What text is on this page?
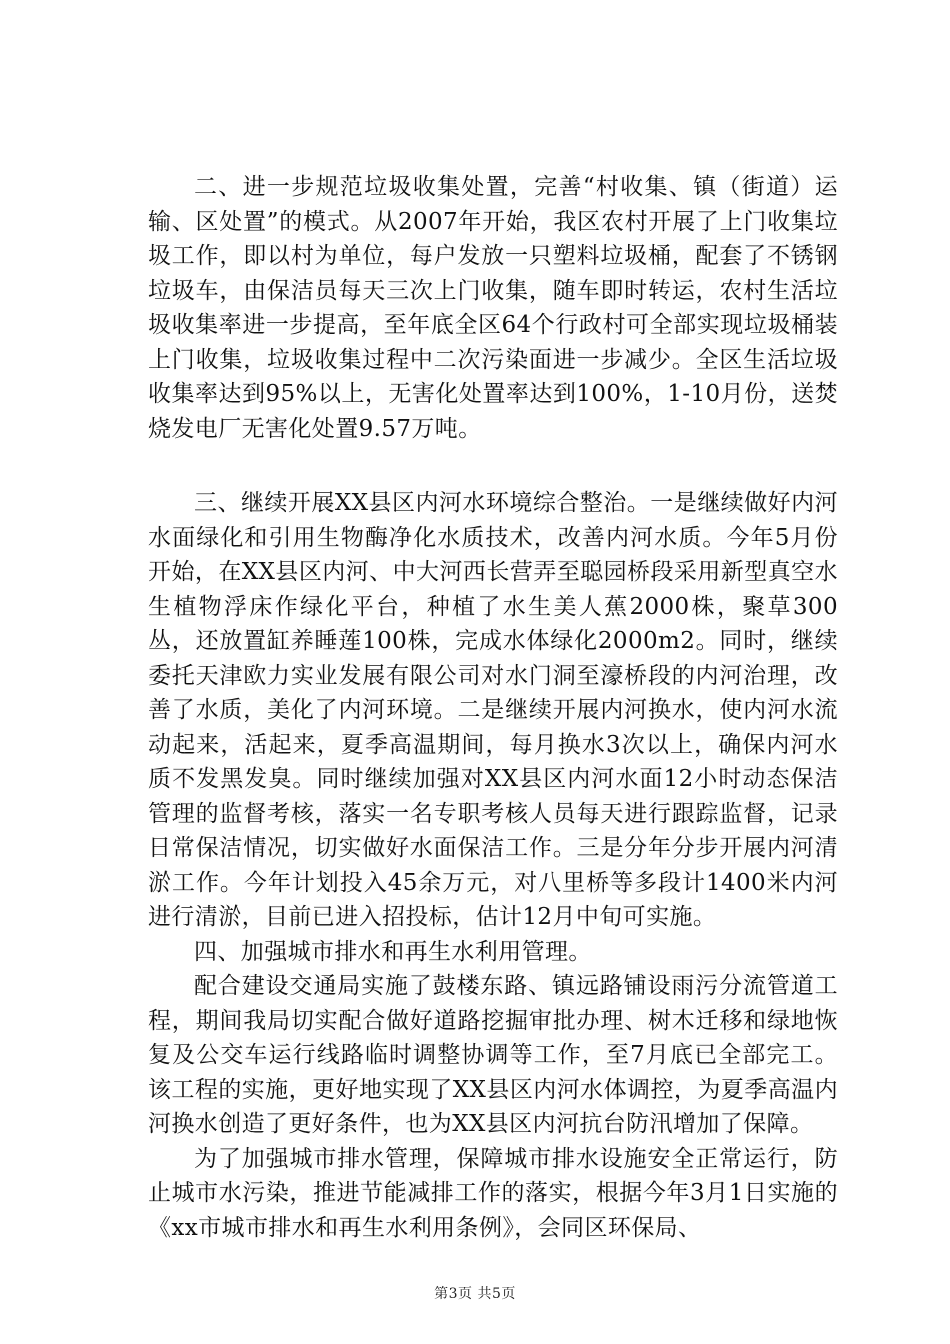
二、进一步规范垃圾收集处置，完善“村收集、镇（街道）运输、区处置”的模式。从2007年开始，我区农村开展了上门收集垃圾工作，即以村为单位，每户发放一只塑料垃圾桶，配套了不锈钢垃圾车，由保洁员每天三次上门收集，随车即时转运，农村生活垃圾收集率进一步提高，至年底全区64个行政村可全部实现垃圾桶装上门收集，垃圾收集过程中二次污染面进一步减少。全区生活垃圾收集率达到95%以上，无害化处置率达到100%，1-10月份，送焚烧发电厂无害化处置9.57万吨。

三、继续开展XX县区内河水环境综合整治。一是继续做好内河水面绿化和引用生物酶净化水质技术，改善内河水质。今年5月份开始，在XX县区内河、中大河西长营弄至聪园桥段采用新型真空水生植物浮床作绿化平台，种植了水生美人蕉2000株，聚草300丛，还放置缸养睡莲100株，完成水体绿化2000m2。同时，继续委托天津欧力实业发展有限公司对水门洞至濠桥段的内河治理，改善了水质，美化了内河环境。二是继续开展内河换水，使内河水流动起来，活起来，夏季高温期间，每月换水3次以上，确保内河水质不发黑发臭。同时继续加强对XX县区内河水面12小时动态保洁管理的监督考核，落实一名专职考核人员每天进行跟踪监督，记录日常保洁情况，切实做好水面保洁工作。三是分年分步开展内河清淤工作。今年计划投入45余万元，对八里桥等多段计1400米内河进行清淤，目前已进入招投标，估计12月中旬可实施。

四、加强城市排水和再生水利用管理。

配合建设交通局实施了鼓楼东路、镇远路铺设雨污分流管道工程，期间我局切实配合做好道路挖掘审批办理、树木迁移和绿地恢复及公交车运行线路临时调整协调等工作，至7月底已全部完工。该工程的实施，更好地实现了XX县区内河水体调控，为夏季高温内河换水创造了更好条件，也为XX县区内河抗台防汛增加了保障。

为了加强城市排水管理，保障城市排水设施安全正常运行，防止城市水污染，推进节能减排工作的落实，根据今年3月1日实施的《xx市城市排水和再生水利用条例》，会同区环保局、

第3页 共5页
